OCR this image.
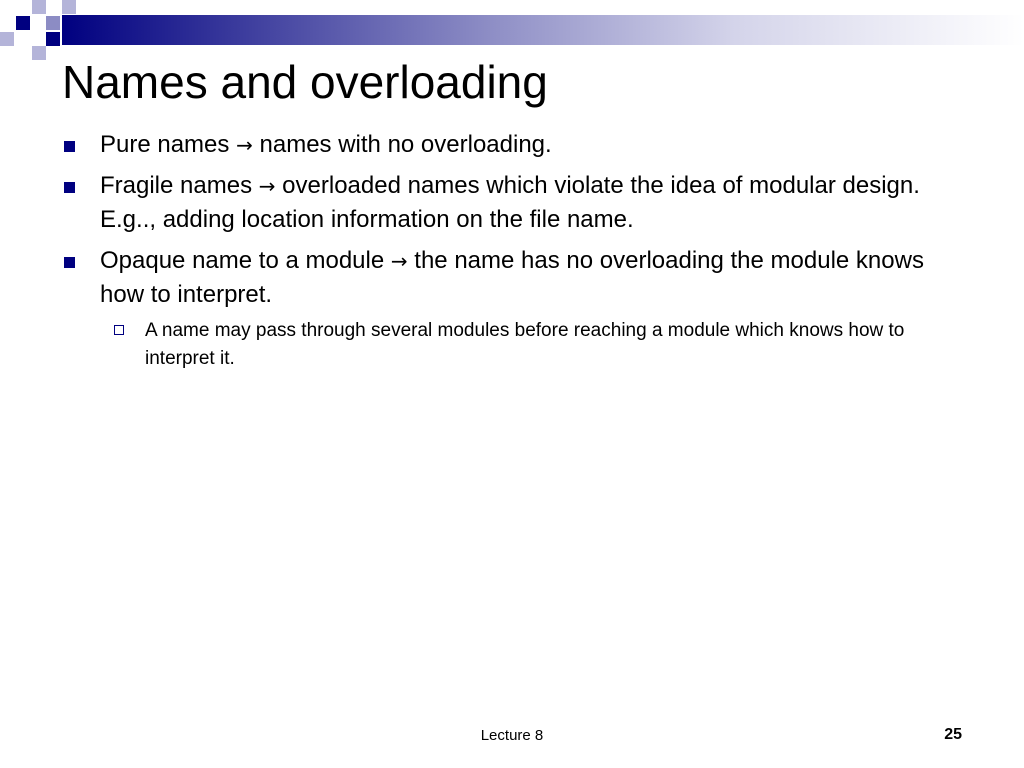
Names and overloading
Pure names → names with no overloading.
Fragile names → overloaded names which violate the idea of modular design. E.g.., adding location information on the file name.
Opaque name to a module → the name has no overloading the module knows how to interpret.
A name may pass through several modules before reaching a module which knows how to interpret it.
Lecture 8	25
